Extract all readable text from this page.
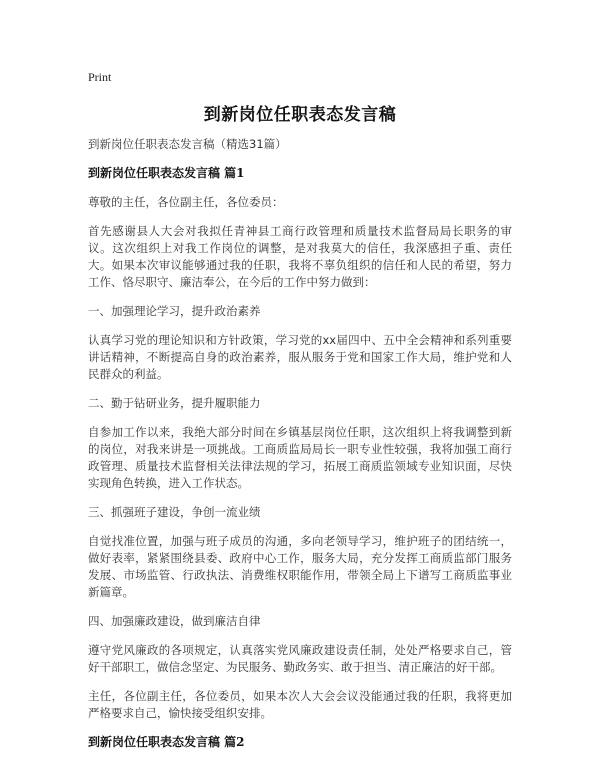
Print
到新岗位任职表态发言稿

到新岗位任职表态发言稿（精选31篇）

到新岗位任职表态发言稿 篇1

尊敬的主任，各位副主任，各位委员：

首先感谢县人大会对我拟任青神县工商行政管理和质量技术监督局局长职务的审议。这次组织上对我工作岗位的调整，是对我莫大的信任，我深感担子重、责任大。如果本次审议能够通过我的任职，我将不辜负组织的信任和人民的希望，努力工作、恪尽职守、廉洁奉公，在今后的工作中努力做到：

一、加强理论学习，提升政治素养

认真学习党的理论知识和方针政策，学习党的xx届四中、五中全会精神和系列重要讲话精神，不断提高自身的政治素养，服从服务于党和国家工作大局，维护党和人民群众的利益。

二、勤于钻研业务，提升履职能力

自参加工作以来，我绝大部分时间在乡镇基层岗位任职，这次组织上将我调整到新的岗位，对我来讲是一项挑战。工商质监局局长一职专业性较强，我将加强工商行政管理、质量技术监督相关法律法规的学习，拓展工商质监领域专业知识面，尽快实现角色转换，进入工作状态。

三、抓强班子建设，争创一流业绩

自觉找准位置，加强与班子成员的沟通，多向老领导学习，维护班子的团结统一，做好表率，紧紧围绕县委、政府中心工作，服务大局，充分发挥工商质监部门服务发展、市场监管、行政执法、消费维权职能作用，带领全局上下谱写工商质监事业新篇章。

四、加强廉政建设，做到廉洁自律

遵守党风廉政的各项规定，认真落实党风廉政建设责任制，处处严格要求自己，管好干部职工，做信念坚定、为民服务、勤政务实、敢于担当、清正廉洁的好干部。

主任，各位副主任，各位委员，如果本次人大会会议没能通过我的任职，我将更加严格要求自己，愉快接受组织安排。

到新岗位任职表态发言稿 篇2
